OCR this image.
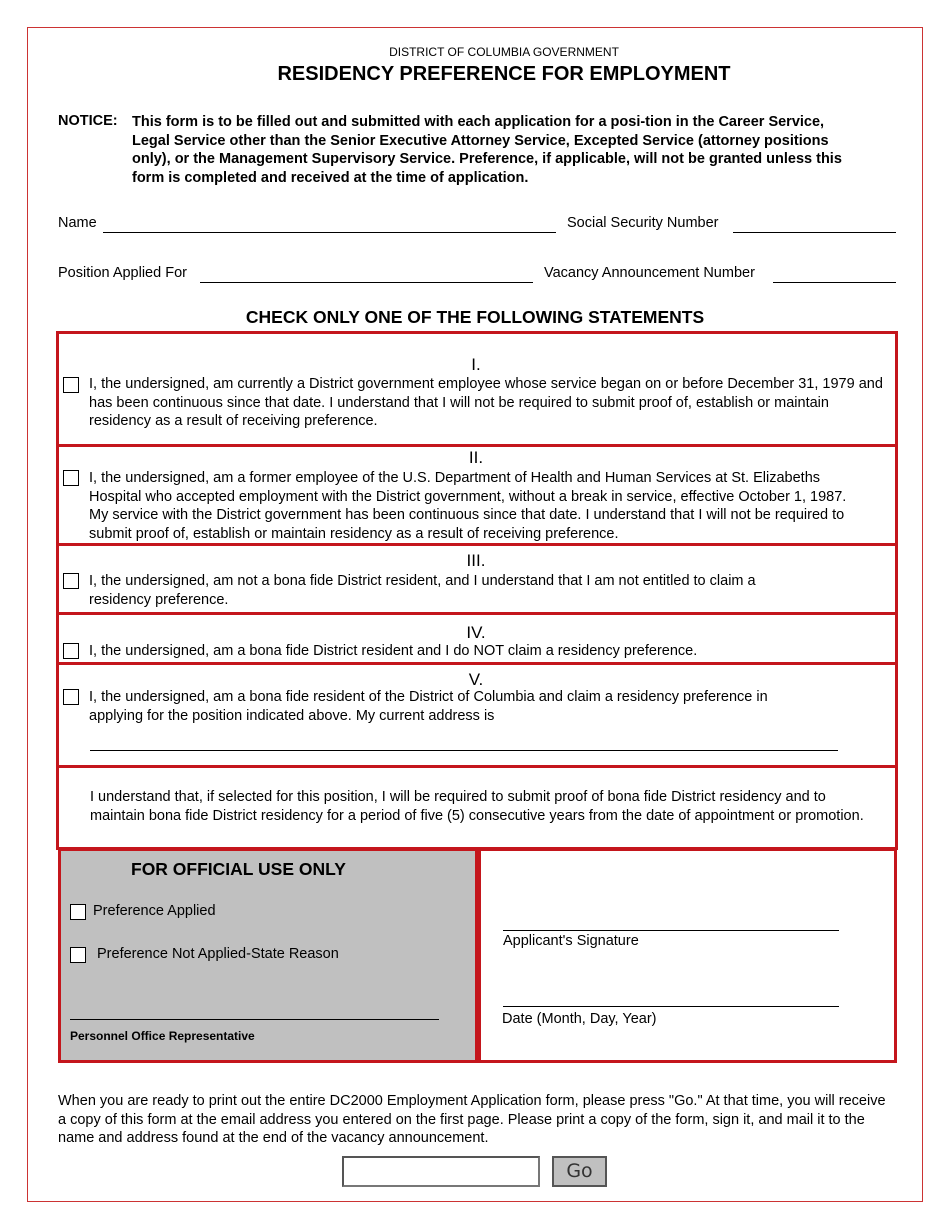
DISTRICT OF COLUMBIA GOVERNMENT
RESIDENCY PREFERENCE FOR EMPLOYMENT
NOTICE: This form is to be filled out and submitted with each application for a posi-tion in the Career Service, Legal Service other than the Senior Executive Attorney Service, Excepted Service (attorney positions only), or the Management Supervisory Service. Preference, if applicable, will not be granted unless this form is completed and received at the time of application.
Name	Social Security Number
Position Applied For	Vacancy Announcement Number
CHECK ONLY ONE OF THE FOLLOWING STATEMENTS
I.
I, the undersigned, am currently a District government employee whose service began on or before December 31, 1979 and has been continuous since that date. I understand that I will not be required to submit proof of, establish or maintain residency as a result of receiving preference.
II.
I, the undersigned, am a former employee of the U.S. Department of Health and Human Services at St. Elizabeths Hospital who accepted employment with the District government, without a break in service, effective October 1, 1987. My service with the District government has been continuous since that date. I understand that I will not be required to submit proof of, establish or maintain residency as a result of receiving preference.
III.
I, the undersigned, am not a bona fide District resident, and I understand that I am not entitled to claim a residency preference.
IV.
I, the undersigned, am a bona fide District resident and I do NOT claim a residency preference.
V.
I, the undersigned, am a bona fide resident of the District of Columbia and claim a residency preference in applying for the position indicated above. My current address is
I understand that, if selected for this position, I will be required to submit proof of bona fide District residency and to maintain bona fide District residency for a period of five (5) consecutive years from the date of appointment or promotion.
FOR OFFICIAL USE ONLY
Preference Applied
Preference Not Applied-State Reason
Personnel Office Representative
Applicant's Signature
Date (Month, Day, Year)
When you are ready to print out the entire DC2000 Employment Application form, please press "Go." At that time, you will receive a copy of this form at the email address you entered on the first page. Please print a copy of the form, sign it, and mail it to the name and address found at the end of the vacancy announcement.
Go
